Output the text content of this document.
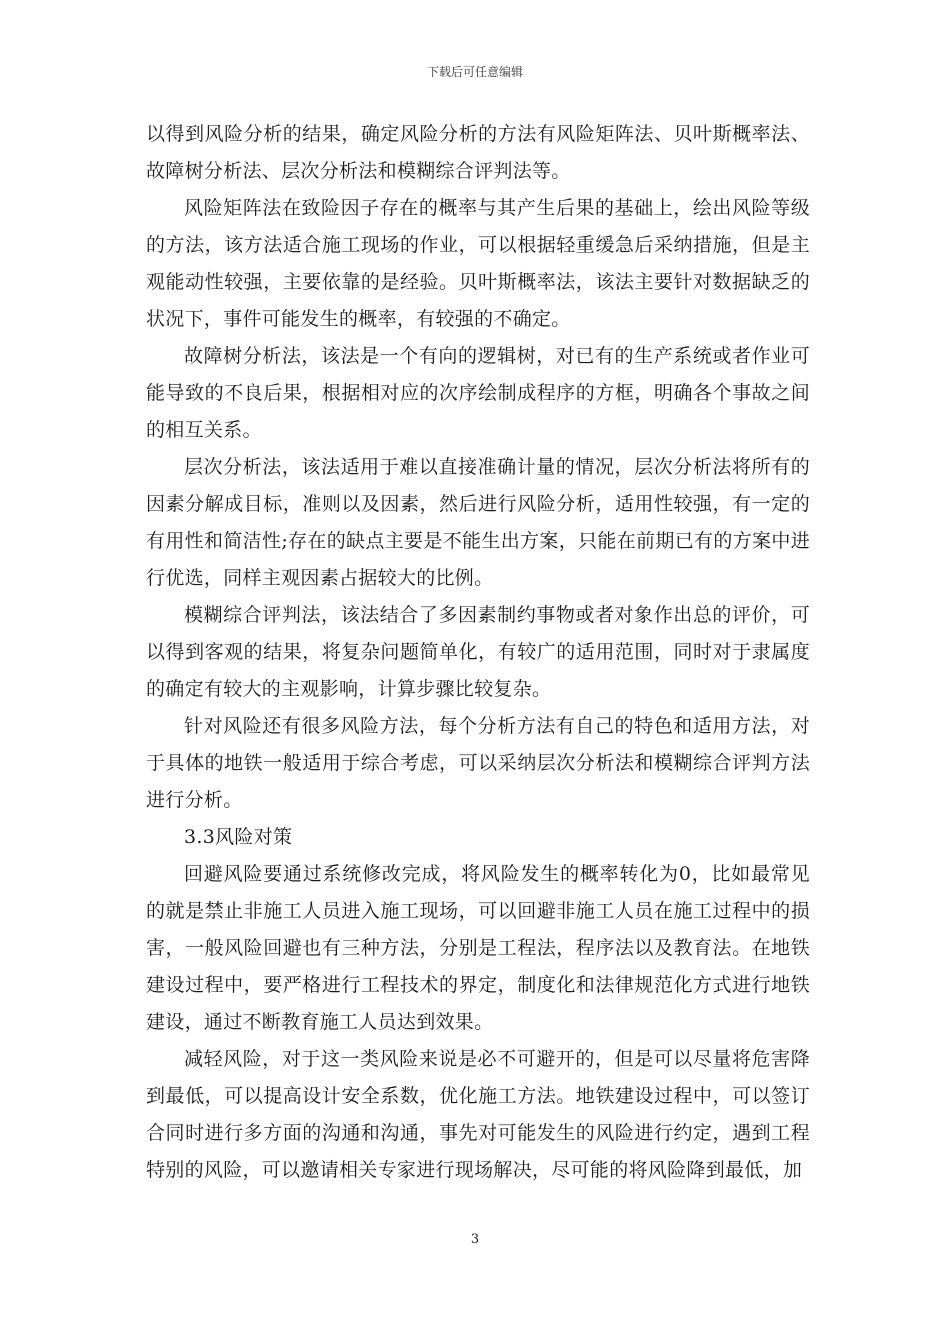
下载后可任意编辑

以得到风险分析的结果，确定风险分析的方法有风险矩阵法、贝叶斯概率法、故障树分析法、层次分析法和模糊综合评判法等。

风险矩阵法在致险因子存在的概率与其产生后果的基础上，绘出风险等级的方法，该方法适合施工现场的作业，可以根据轻重缓急后采纳措施，但是主观能动性较强，主要依靠的是经验。贝叶斯概率法，该法主要针对数据缺乏的状况下，事件可能发生的概率，有较强的不确定。

故障树分析法，该法是一个有向的逻辑树，对已有的生产系统或者作业可能导致的不良后果，根据相对应的次序绘制成程序的方框，明确各个事故之间的相互关系。

层次分析法，该法适用于难以直接准确计量的情况，层次分析法将所有的因素分解成目标，准则以及因素，然后进行风险分析，适用性较强，有一定的有用性和简洁性;存在的缺点主要是不能生出方案，只能在前期已有的方案中进行优选，同样主观因素占据较大的比例。

模糊综合评判法，该法结合了多因素制约事物或者对象作出总的评价，可以得到客观的结果，将复杂问题简单化，有较广的适用范围，同时对于隶属度的确定有较大的主观影响，计算步骤比较复杂。

针对风险还有很多风险方法，每个分析方法有自己的特色和适用方法，对于具体的地铁一般适用于综合考虑，可以采纳层次分析法和模糊综合评判方法进行分析。

3.3风险对策

回避风险要通过系统修改完成，将风险发生的概率转化为0，比如最常见的就是禁止非施工人员进入施工现场，可以回避非施工人员在施工过程中的损害，一般风险回避也有三种方法，分别是工程法，程序法以及教育法。在地铁建设过程中，要严格进行工程技术的界定，制度化和法律规范化方式进行地铁建设，通过不断教育施工人员达到效果。

减轻风险，对于这一类风险来说是必不可避开的，但是可以尽量将危害降到最低，可以提高设计安全系数，优化施工方法。地铁建设过程中，可以签订合同时进行多方面的沟通和沟通，事先对可能发生的风险进行约定，遇到工程特别的风险，可以邀请相关专家进行现场解决，尽可能的将风险降到最低，加

3
